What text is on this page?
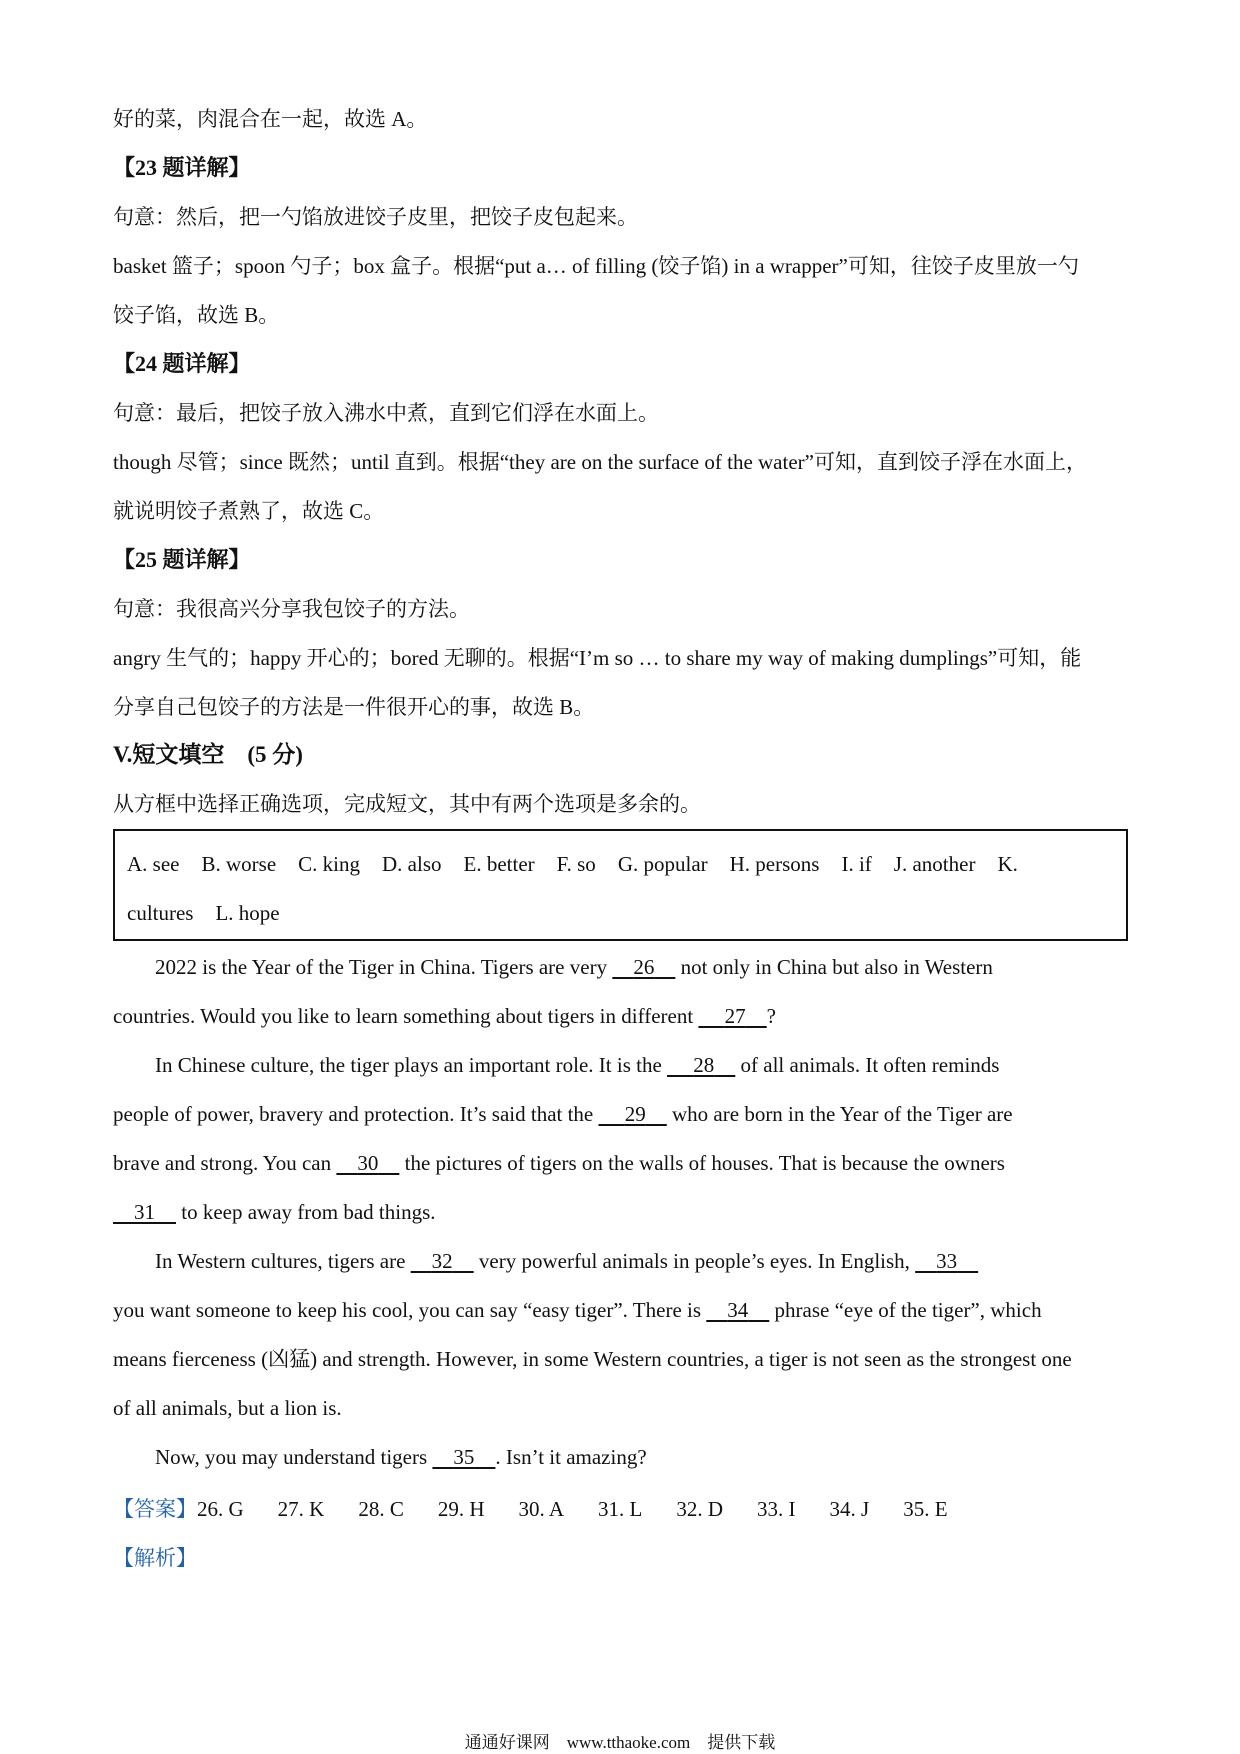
好的菜，肉混合在一起，故选 A。
【23 题详解】
句意：然后，把一勺馅放进饺子皮里，把饺子皮包起来。
basket 篮子；spoon 勺子；box 盒子。根据“put a… of filling (饺子馅) in a wrapper”可知，往饺子皮里放一勺
饺子馅，故选 B。
【24 题详解】
句意：最后，把饺子放入沸水中煮，直到它们浮在水面上。
though 尽管；since 既然；until 直到。根据“they are on the surface of the water”可知，直到饺子浮在水面上，
就说明饺子煮熟了，故选 C。
【25 题详解】
句意：我很高兴分享我包饺子的方法。
angry 生气的；happy 开心的；bored 无聊的。根据“I’m so … to share my way of making dumplings”可知，能
分享自己包饺子的方法是一件很开心的事，故选 B。
V.短文填空　(5 分)
从方框中选择正确选项，完成短文，其中有两个选项是多余的。
A. see B. worse C. king D. also E. better F. so G. popular H. persons I. if J. another K.
cultures L. hope
2022 is the Year of the Tiger in China. Tigers are very     26     not only in China but also in Western
countries. Would you like to learn something about tigers in different      27 ?
In Chinese culture, the tiger plays an important role. It is the      28     of all animals. It often reminds
people of power, bravery and protection. It’s said that the      29     who are born in the Year of the Tiger are
brave and strong. You can     30     the pictures of tigers on the walls of houses. That is because the owners
31     to keep away from bad things.
In Western cultures, tigers are     32     very powerful animals in people’s eyes. In English,     33
you want someone to keep his cool, you can say “easy tiger”. There is     34     phrase “eye of the tiger”, which
means fierceness (凶猛) and strength. However, in some Western countries, a tiger is not seen as the strongest one
of all animals, but a lion is.
Now, you may understand tigers     35 . Isn’t it amazing?
【答案】26. G 27. K 28. C 29. H 30. A 31. L 32. D 33. I 34. J 35. E
【解析】
通通好课网　www.tthaoke.com　提供下载
